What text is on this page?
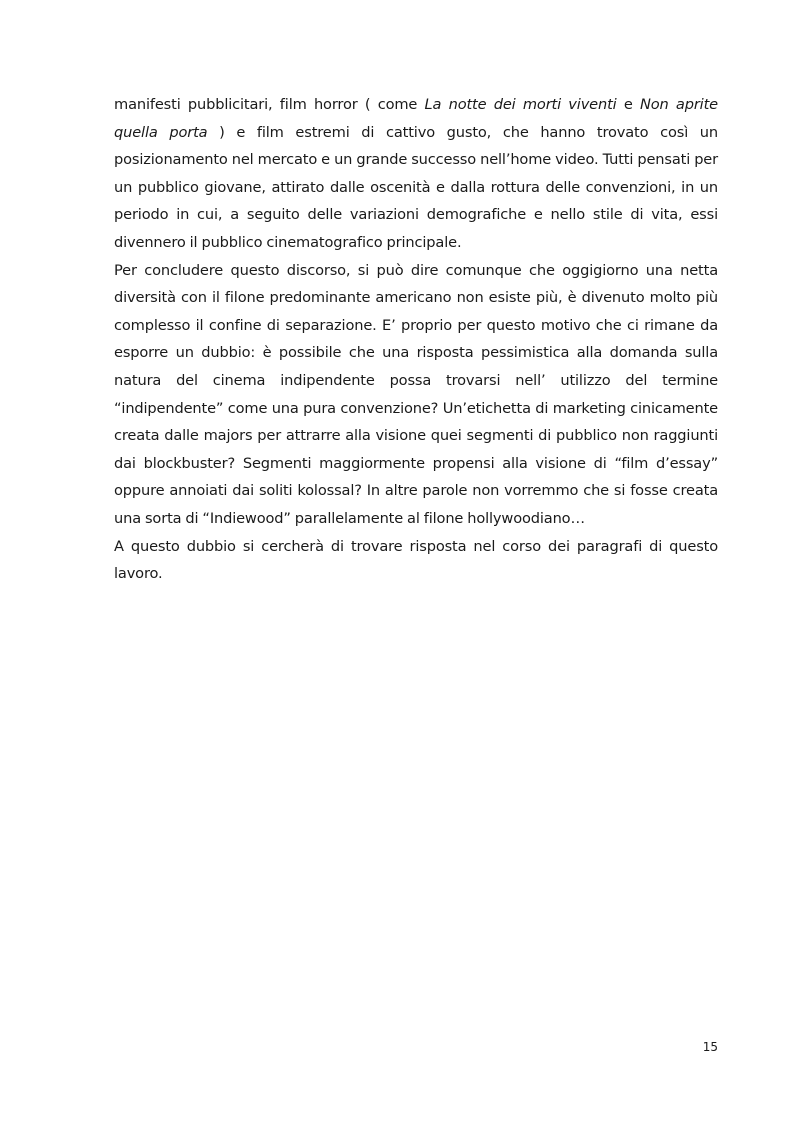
manifesti pubblicitari, film horror ( come La notte dei morti viventi e Non aprite quella porta ) e film estremi di cattivo gusto, che hanno trovato così un posizionamento nel mercato e un grande successo nell’home video. Tutti pensati per un pubblico giovane, attirato dalle oscenità e dalla rottura delle convenzioni, in un periodo in cui, a seguito delle variazioni demografiche e nello stile di vita, essi divennero il pubblico cinematografico principale.

Per concludere questo discorso, si può dire comunque che oggigiorno una netta diversità con il filone predominante americano non esiste più, è divenuto molto più complesso il confine di separazione. E’ proprio per questo motivo che ci rimane da esporre un dubbio: è possibile che una risposta pessimistica alla domanda sulla natura del cinema indipendente possa trovarsi nell’ utilizzo del termine “indipendente” come una pura convenzione? Un’etichetta di marketing cinicamente creata dalle majors per attrarre alla visione quei segmenti di pubblico non raggiunti dai blockbuster? Segmenti maggiormente propensi alla visione di “film d’essay” oppure annoiati dai soliti kolossal? In altre parole non vorremmo che si fosse creata una sorta di “Indiewood” parallelamente al filone hollywoodiano…

A questo dubbio si cercherà di trovare risposta nel corso dei paragrafi di questo lavoro.

15
